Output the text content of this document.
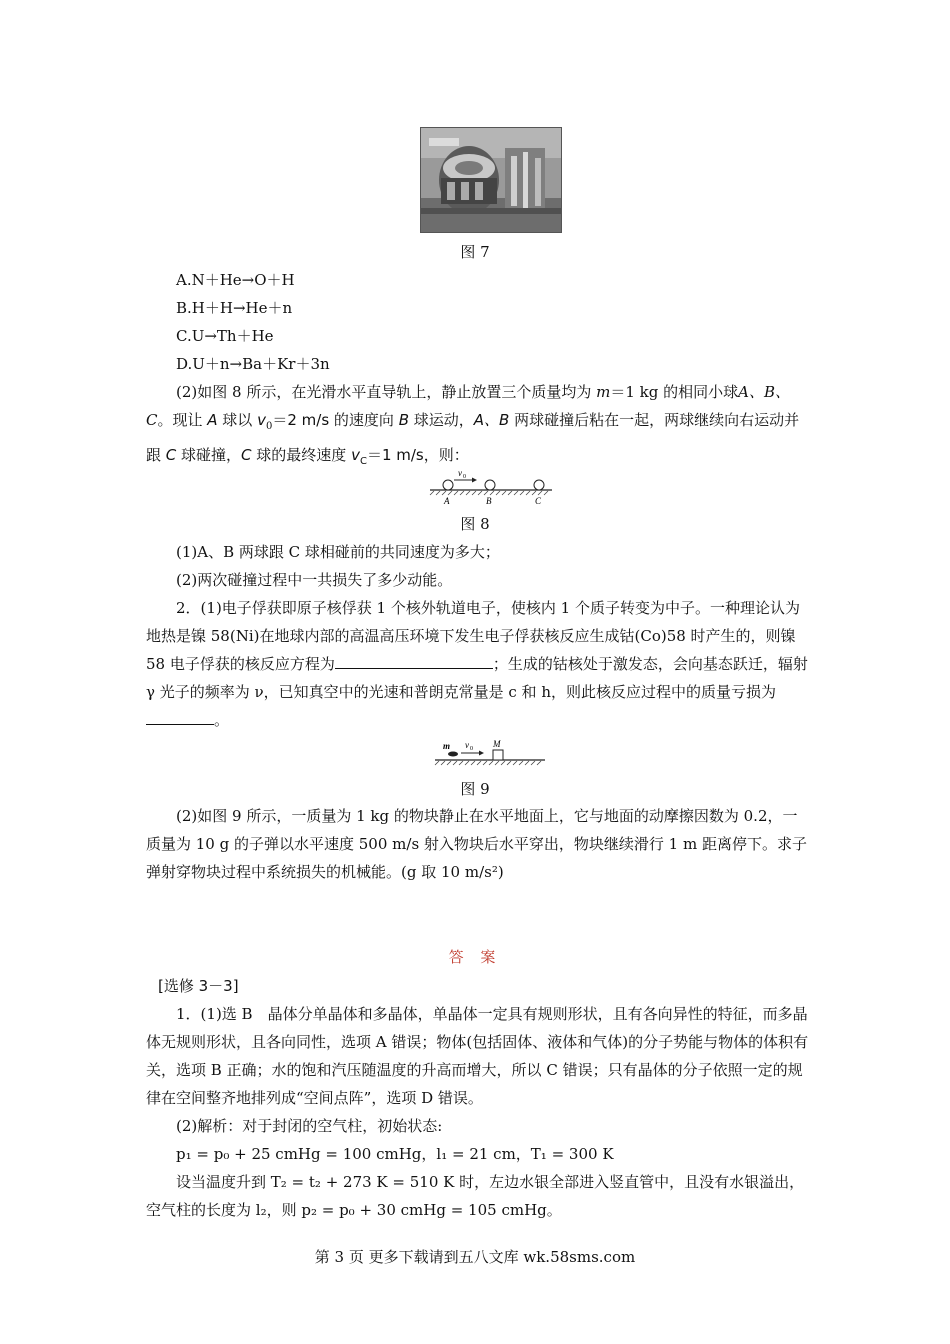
图 7

A.N＋He→O＋H

B.H＋H→He＋n

C.U→Th＋He

D.U＋n→Ba＋Kr＋3n

(2)如图 8 所示，在光滑水平直导轨上，静止放置三个质量均为 m＝1 kg 的相同小球A、B、C。现让 A 球以 $v_0=2$ m/s 的速度向 B 球运动，A、B 两球碰撞后粘在一起，两球继续向右运动并跟 C 球碰撞，C 球的最终速度 $v_C=1$ m/s，则：
v 0
A	B	C
图 8

(1)A、B 两球跟 C 球相碰前的共同速度为多大；

(2)两次碰撞过程中一共损失了多少动能。

2．(1)电子俘获即原子核俘获 1 个核外轨道电子，使核内 1 个质子转变为中子。一种理论认为地热是镍 58(Ni)在地球内部的高温高压环境下发生电子俘获核反应生成钴(Co)58 时产生的，则镍 58 电子俘获的核反应方程为	；生成的钴核处于激发态，会向基态跃迁，辐射 γ 光子的频率为 ν，已知真空中的光速和普朗克常量是 c 和 h，则此核反应过程中的质量亏损为。
m v 0 M
图 9
(2)如图 9 所示，一质量为 1 kg 的物块静止在水平地面上，它与地面的动摩擦因数为 0.2，一质量为 10 g 的子弹以水平速度 500 m/s 射入物块后水平穿出，物块继续滑行 1 m 距离停下。求子弹射穿物块过程中系统损失的机械能。(g 取 10 m/s²)
答 案
[选修 3－3]
1．(1)选 B　晶体分单晶体和多晶体，单晶体一定具有规则形状，且有各向异性的特征，而多晶体无规则形状，且各向同性，选项 A 错误；物体(包括固体、液体和气体)的分子势能与物体的体积有关，选项 B 正确；水的饱和汽压随温度的升高而增大，所以 C 错误；只有晶体的分子依照一定的规律在空间整齐地排列成“空间点阵”，选项 D 错误。
(2)解析：对于封闭的空气柱，初始状态:
p₁ = p₀ + 25 cmHg = 100 cmHg，l₁ = 21 cm，T₁ = 300 K
设当温度升到 T₂ = t₂ + 273 K = 510 K 时，左边水银全部进入竖直管中，且没有水银溢出，空气柱的长度为 l₂，则 p₂ = p₀ + 30 cmHg = 105 cmHg。
第 3 页 更多下载请到五八文库 wk.58sms.com
